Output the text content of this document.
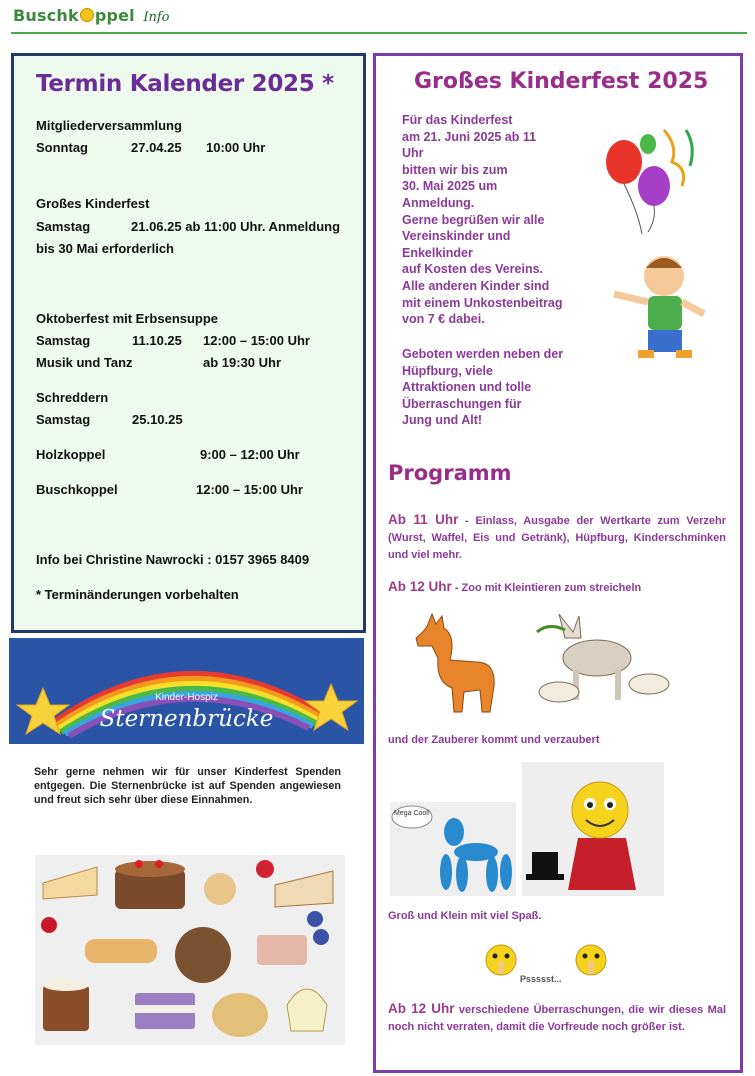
Buschk ppel Info
Termin Kalender 2025 *
Mitgliederversammlung
Sonntag	27.04.25 10:00 Uhr
Großes Kinderfest
Samstag	21.06.25 ab 11:00 Uhr. Anmeldung
bis 30 Mai erforderlich
Oktoberfest mit Erbsensuppe
Samstag	11.10.25 12:00 – 15:00 Uhr
Musik und Tanz	ab 19:30 Uhr
Schreddern
Samstag	25.10.25
Holzkoppel	9:00 – 12:00 Uhr
Buschkoppel	12:00 – 15:00 Uhr
Info bei Christine Nawrocki : 0157 3965 8409
* Terminänderungen vorbehalten
Kinder-Hospiz
Sternenbrücke
Sehr gerne nehmen wir für unser Kinderfest Spenden entgegen. Die Sternenbrücke ist auf Spenden angewiesen und freut sich sehr über diese Einnahmen.
Großes Kinderfest 2025
Für das Kinderfest
am 21. Juni 2025 ab 11
Uhr
bitten wir bis zum
30. Mai 2025 um
Anmeldung.
Gerne begrüßen wir alle
Vereinskinder und
Enkelkinder
auf Kosten des Vereins.
Alle anderen Kinder sind
mit einem Unkostenbeitrag
von 7 € dabei.
Geboten werden neben der
Hüpfburg, viele
Attraktionen und tolle
Überraschungen für
Jung und Alt!
Programm
Ab 11 Uhr - Einlass, Ausgabe der Wertkarte zum Verzehr (Wurst, Waffel, Eis und Getränk), Hüpfburg, Kinderschminken und viel mehr.
Ab 12 Uhr - Zoo mit Kleintieren zum streicheln
und der Zauberer kommt und verzaubert
Mega Cool!
Groß und Klein mit viel Spaß.
Pssssst...
Ab 12 Uhr verschiedene Überraschungen, die wir dieses Mal noch nicht verraten, damit die Vorfreude noch größer ist.
